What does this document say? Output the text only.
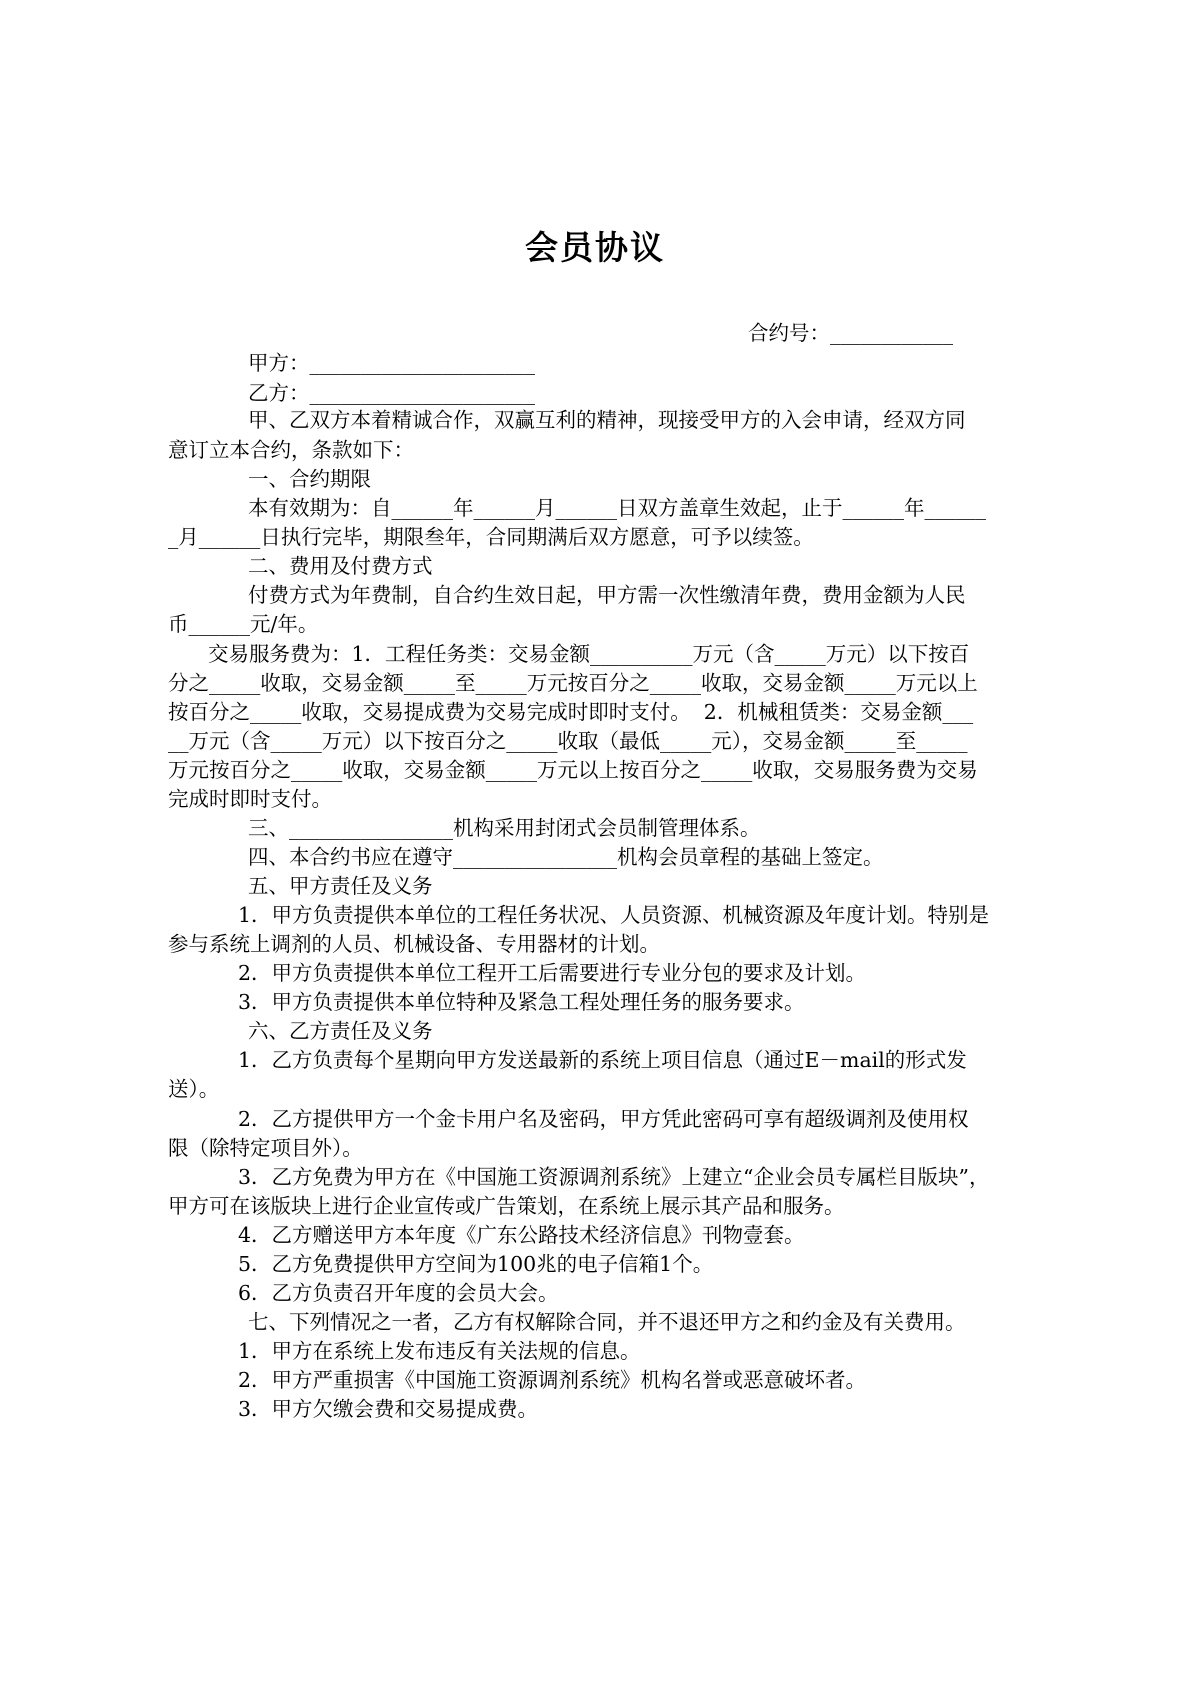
会员协议
合约号：____________
甲方：______________________
乙方：______________________
甲、乙双方本着精诚合作，双赢互利的精神，现接受甲方的入会申请，经双方同
意订立本合约，条款如下：
一、合约期限
本有效期为：自______年______月______日双方盖章生效起，止于______年______
_月______日执行完毕，期限叁年，合同期满后双方愿意，可予以续签。
二、费用及付费方式
付费方式为年费制，自合约生效日起，甲方需一次性缴清年费，费用金额为人民
币______元/年。
交易服务费为：1．工程任务类：交易金额__________万元（含_____万元）以下按百
分之_____收取，交易金额_____至_____万元按百分之_____收取，交易金额_____万元以上
按百分之_____收取，交易提成费为交易完成时即时支付。  2．机械租赁类：交易金额___
__万元（含_____万元）以下按百分之_____收取（最低_____元），交易金额_____至_____
万元按百分之_____收取，交易金额_____万元以上按百分之_____收取，交易服务费为交易
完成时即时支付。
三、________________机构采用封闭式会员制管理体系。
四、本合约书应在遵守________________机构会员章程的基础上签定。
五、甲方责任及义务
1．甲方负责提供本单位的工程任务状况、人员资源、机械资源及年度计划。特别是
参与系统上调剂的人员、机械设备、专用器材的计划。
2．甲方负责提供本单位工程开工后需要进行专业分包的要求及计划。
3．甲方负责提供本单位特种及紧急工程处理任务的服务要求。
六、乙方责任及义务
1．乙方负责每个星期向甲方发送最新的系统上项目信息（通过E－mail的形式发
送）。
2．乙方提供甲方一个金卡用户名及密码，甲方凭此密码可享有超级调剂及使用权
限（除特定项目外）。
3．乙方免费为甲方在《中国施工资源调剂系统》上建立“企业会员专属栏目版块”，
甲方可在该版块上进行企业宣传或广告策划，在系统上展示其产品和服务。
4．乙方赠送甲方本年度《广东公路技术经济信息》刊物壹套。
5．乙方免费提供甲方空间为100兆的电子信箱1个。
6．乙方负责召开年度的会员大会。
七、下列情况之一者，乙方有权解除合同，并不退还甲方之和约金及有关费用。
1．甲方在系统上发布违反有关法规的信息。
2．甲方严重损害《中国施工资源调剂系统》机构名誉或恶意破坏者。
3．甲方欠缴会费和交易提成费。
